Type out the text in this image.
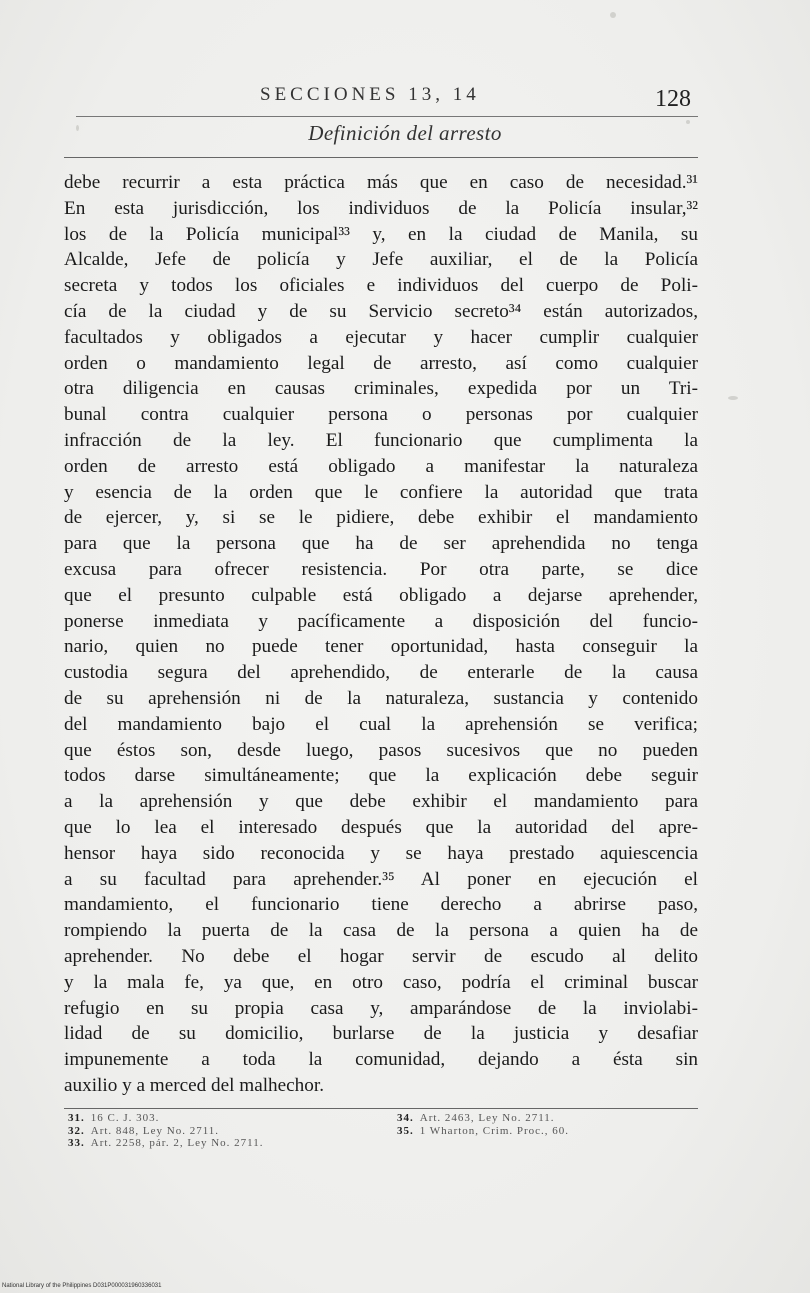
SECCIONES 13, 14	128
Definición del arresto
debe recurrir a esta práctica más que en caso de necesidad.³¹
En esta jurisdicción, los individuos de la Policía insular,³²
los de la Policía municipal³³ y, en la ciudad de Manila, su
Alcalde, Jefe de policía y Jefe auxiliar, el de la Policía
secreta y todos los oficiales e individuos del cuerpo de Poli-
cía de la ciudad y de su Servicio secreto³⁴ están autorizados,
facultados y obligados a ejecutar y hacer cumplir cualquier
orden o mandamiento legal de arresto, así como cualquier
otra diligencia en causas criminales, expedida por un Tri-
bunal contra cualquier persona o personas por cualquier
infracción de la ley. El funcionario que cumplimenta la
orden de arresto está obligado a manifestar la naturaleza
y esencia de la orden que le confiere la autoridad que trata
de ejercer, y, si se le pidiere, debe exhibir el mandamiento
para que la persona que ha de ser aprehendida no tenga
excusa para ofrecer resistencia. Por otra parte, se dice
que el presunto culpable está obligado a dejarse aprehender,
ponerse inmediata y pacíficamente a disposición del funcio-
nario, quien no puede tener oportunidad, hasta conseguir la
custodia segura del aprehendido, de enterarle de la causa
de su aprehensión ni de la naturaleza, sustancia y contenido
del mandamiento bajo el cual la aprehensión se verifica;
que éstos son, desde luego, pasos sucesivos que no pueden
todos darse simultáneamente; que la explicación debe seguir
a la aprehensión y que debe exhibir el mandamiento para
que lo lea el interesado después que la autoridad del apre-
hensor haya sido reconocida y se haya prestado aquiescencia
a su facultad para aprehender.³⁵ Al poner en ejecución el
mandamiento, el funcionario tiene derecho a abrirse paso,
rompiendo la puerta de la casa de la persona a quien ha de
aprehender. No debe el hogar servir de escudo al delito
y la mala fe, ya que, en otro caso, podría el criminal buscar
refugio en su propia casa y, amparándose de la inviolabi-
lidad de su domicilio, burlarse de la justicia y desafiar
impunemente a toda la comunidad, dejando a ésta sin
auxilio y a merced del malhechor.
31. 16 C. J. 303.
32. Art. 848, Ley No. 2711.
33. Art. 2258, pár. 2, Ley No. 2711.
34. Art. 2463, Ley No. 2711.
35. 1 Wharton, Crim. Proc., 60.
National Library of the Philippines D031P000031960336031
